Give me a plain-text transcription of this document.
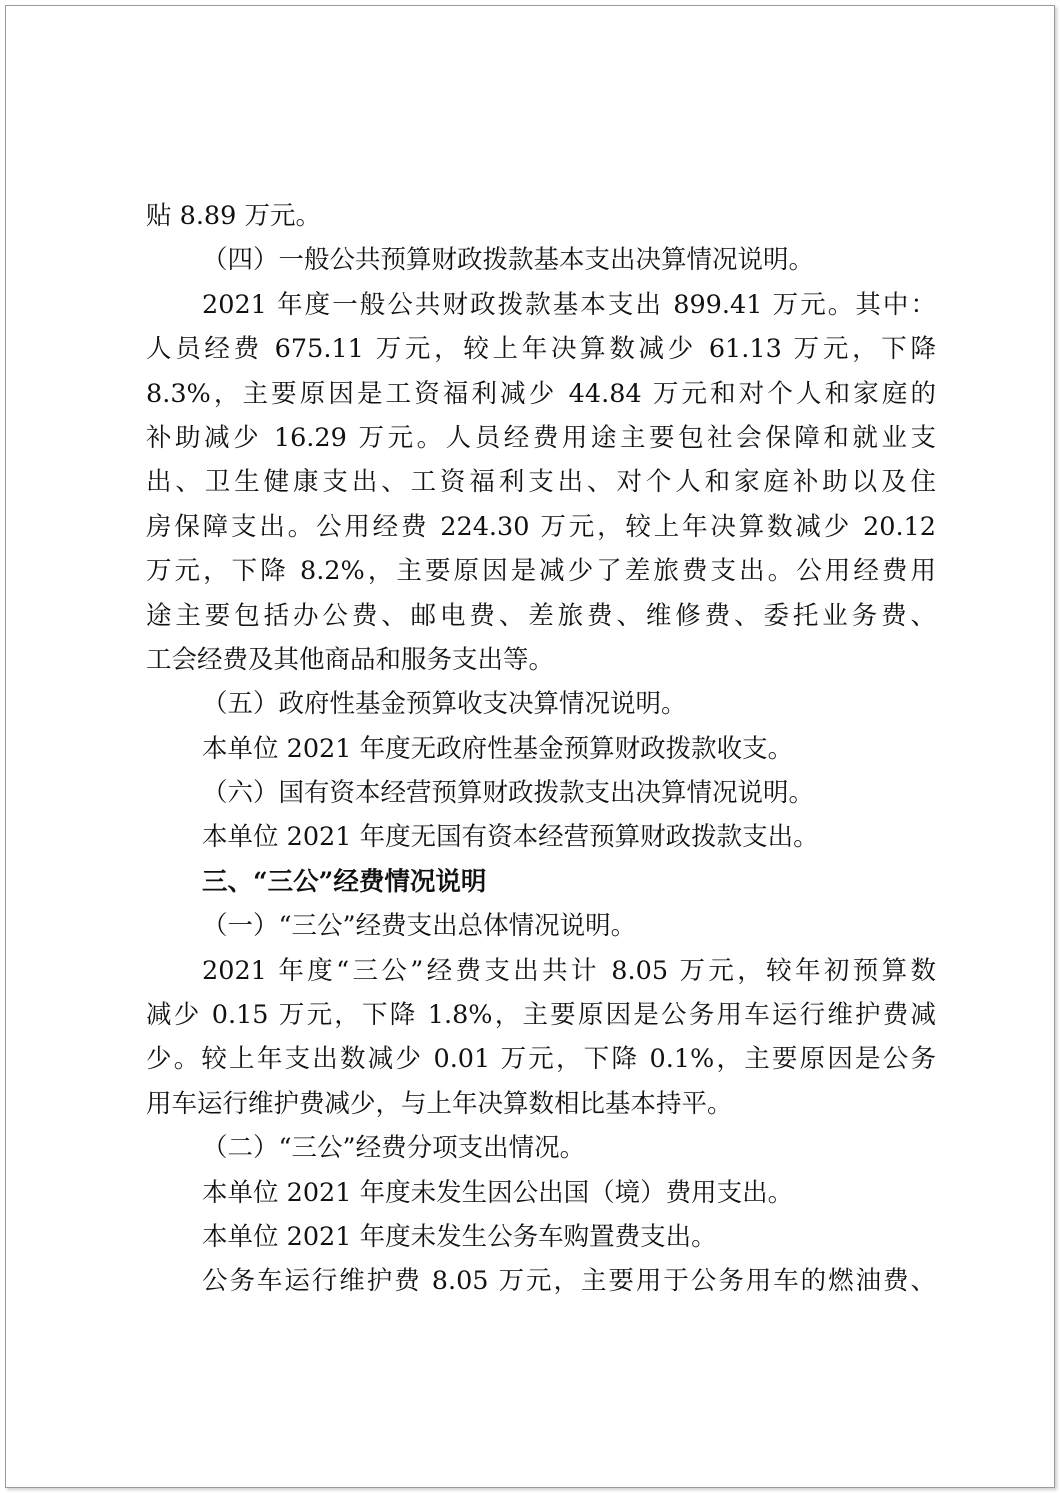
贴 8.89 万元。
（四）一般公共预算财政拨款基本支出决算情况说明。
2021 年度一般公共财政拨款基本支出 899.41 万元。其中：
人员经费 675.11 万元，较上年决算数减少 61.13 万元，下降
8.3%，主要原因是工资福利减少 44.84 万元和对个人和家庭的
补助减少 16.29 万元。人员经费用途主要包社会保障和就业支
出、卫生健康支出、工资福利支出、对个人和家庭补助以及住
房保障支出。公用经费 224.30 万元，较上年决算数减少 20.12
万元，下降 8.2%，主要原因是减少了差旅费支出。公用经费用
途主要包括办公费、邮电费、差旅费、维修费、委托业务费、
工会经费及其他商品和服务支出等。
（五）政府性基金预算收支决算情况说明。
本单位 2021 年度无政府性基金预算财政拨款收支。
（六）国有资本经营预算财政拨款支出决算情况说明。
本单位 2021 年度无国有资本经营预算财政拨款支出。
三、“三公”经费情况说明
（一）“三公”经费支出总体情况说明。
2021 年度“三公”经费支出共计 8.05 万元，较年初预算数
减少 0.15 万元，下降 1.8%，主要原因是公务用车运行维护费减
少。较上年支出数减少 0.01 万元，下降 0.1%，主要原因是公务
用车运行维护费减少，与上年决算数相比基本持平。
（二）“三公”经费分项支出情况。
本单位 2021 年度未发生因公出国（境）费用支出。
本单位 2021 年度未发生公务车购置费支出。
公务车运行维护费 8.05 万元，主要用于公务用车的燃油费、
